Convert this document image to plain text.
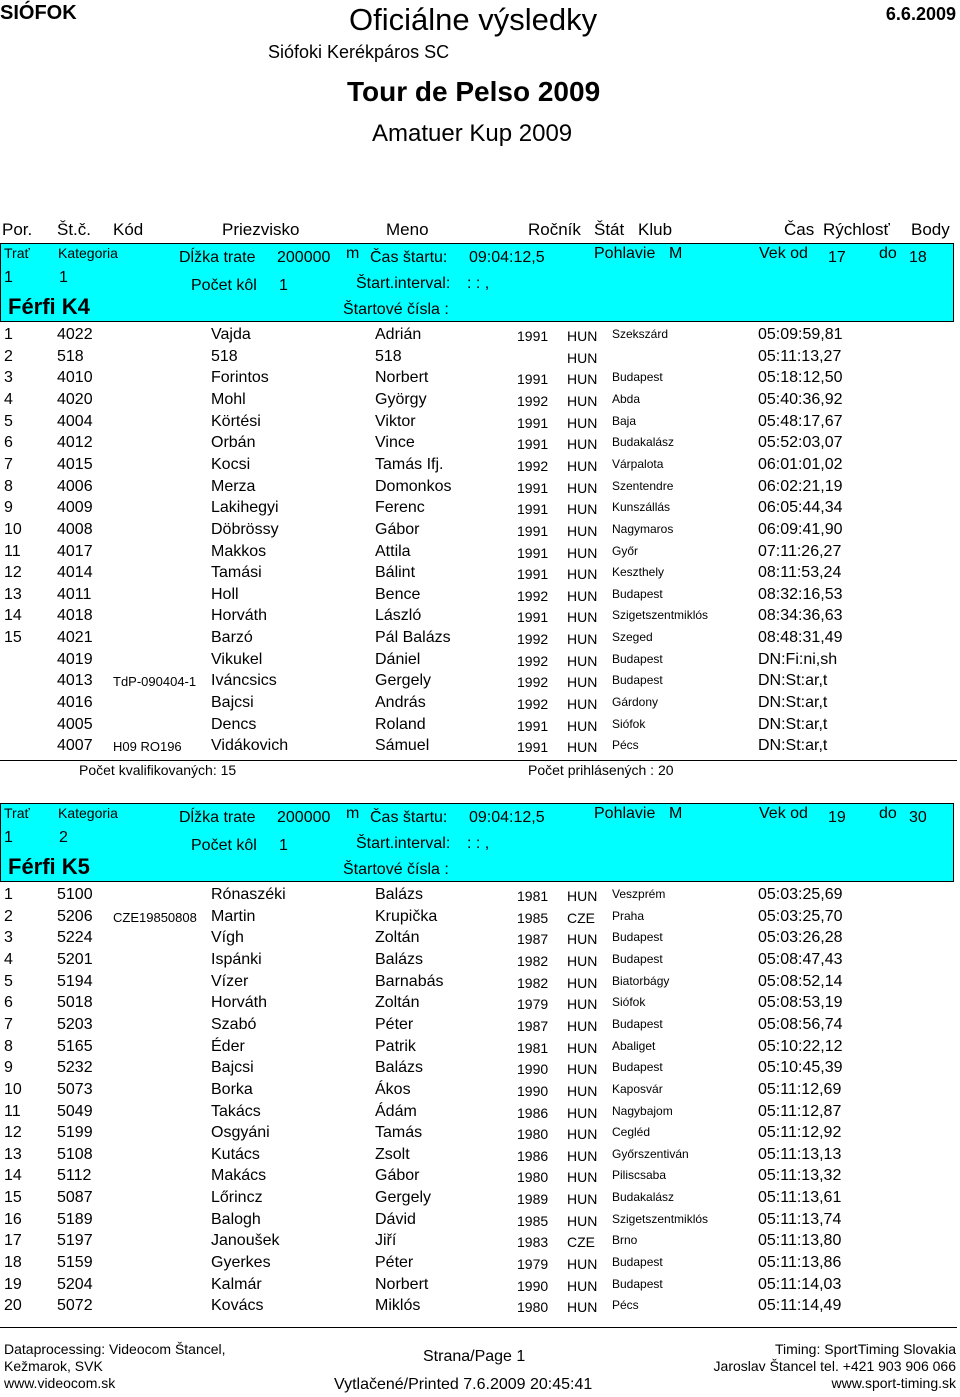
SIÓFOK	Oficiálne výsledky	6.6.2009
Siófoki Kerékpáros SC
Tour de Pelso 2009
Amatuer Kup 2009
Por. Št.č. Kód	Priezvisko	Meno	Ročník Štát Klub	Čas Rýchlosť Body
Trať Kategoria	Dĺžka trate 200000 m Čas štartu: 09:04:12,5	Pohlavie M	Vek od 17 do 18
1	1	Počet kôl 1	Štart.interval: : : ,
Férfi K4	Štartové čísla :
1	4022	Vajda	Adrián	1991 HUN Szekszárd	05:09:59,81
2	518	518	518	HUN	05:11:13,27
3	4010	Forintos	Norbert	1991 HUN Budapest	05:18:12,50
4	4020	Mohl	György	1992 HUN Abda	05:40:36,92
5	4004	Körtési	Viktor	1991 HUN Baja	05:48:17,67
6	4012	Orbán	Vince	1991 HUN Budakalász	05:52:03,07
7	4015	Kocsi	Tamás Ifj.	1992 HUN Várpalota	06:01:01,02
8	4006	Merza	Domonkos	1991 HUN Szentendre	06:02:21,19
9	4009	Lakihegyi	Ferenc	1991 HUN Kunszállás	06:05:44,34
10 4008	Döbrössy	Gábor	1991 HUN Nagymaros	06:09:41,90
11 4017	Makkos	Attila	1991 HUN Győr	07:11:26,27
12 4014	Tamási	Bálint	1991 HUN Keszthely	08:11:53,24
13 4011	Holl	Bence	1992 HUN Budapest	08:32:16,53
14 4018	Horváth	László	1991 HUN Szigetszentmiklós	08:34:36,63
15 4021	Barzó	Pál Balázs	1992 HUN Szeged	08:48:31,49
4019	Vikukel	Dániel	1992 HUN Budapest	DN:Fi:ni,sh
4013 TdP-090404-1 Iváncsics	Gergely	1992 HUN Budapest	DN:St:ar,t
4016	Bajcsi	András	1992 HUN Gárdony	DN:St:ar,t
4005	Dencs	Roland	1991 HUN Siófok	DN:St:ar,t
4007 H09 RO196 Vidákovich	Sámuel	1991 HUN Pécs	DN:St:ar,t
Počet kvalifikovaných: 15	Počet prihlásených : 20
Trať Kategoria	Dĺžka trate 200000 m Čas štartu: 09:04:12,5	Pohlavie M	Vek od 19 do 30
1	2	Počet kôl 1	Štart.interval: : : ,
Férfi K5	Štartové čísla :
1	5100	Rónaszéki	Balázs	1981 HUN Veszprém	05:03:25,69
2	5206 CZE19850808 Martin	Krupička	1985 CZE Praha	05:03:25,70
3	5224	Vígh	Zoltán	1987 HUN Budapest	05:03:26,28
4	5201	Ispánki	Balázs	1982 HUN Budapest	05:08:47,43
5	5194	Vízer	Barnabás	1982 HUN Biatorbágy	05:08:52,14
6	5018	Horváth	Zoltán	1979 HUN Siófok	05:08:53,19
7	5203	Szabó	Péter	1987 HUN Budapest	05:08:56,74
8	5165	Éder	Patrik	1981 HUN Abaliget	05:10:22,12
9	5232	Bajcsi	Balázs	1990 HUN Budapest	05:10:45,39
10 5073	Borka	Ákos	1990 HUN Kaposvár	05:11:12,69
11 5049	Takács	Ádám	1986 HUN Nagybajom	05:11:12,87
12 5199	Osgyáni	Tamás	1980 HUN Cegléd	05:11:12,92
13 5108	Kutács	Zsolt	1986 HUN Győrszentiván	05:11:13,13
14 5112	Makács	Gábor	1980 HUN Piliscsaba	05:11:13,32
15 5087	Lőrincz	Gergely	1989 HUN Budakalász	05:11:13,61
16 5189	Balogh	Dávid	1985 HUN Szigetszentmiklós	05:11:13,74
17 5197	Janoušek	Jiří	1983 CZE Brno	05:11:13,80
18 5159	Gyerkes	Péter	1979 HUN Budapest	05:11:13,86
19 5204	Kalmár	Norbert	1990 HUN Budapest	05:11:14,03
20 5072	Kovács	Miklós	1980 HUN Pécs	05:11:14,49
Dataprocessing: Videocom Štancel,
Kežmarok, SVK
www.videocom.sk
Strana/Page 1
Vytlačené/Printed 7.6.2009 20:45:41
Timing: SportTiming Slovakia
Jaroslav Štancel tel. +421 903 906 066
www.sport-timing.sk
